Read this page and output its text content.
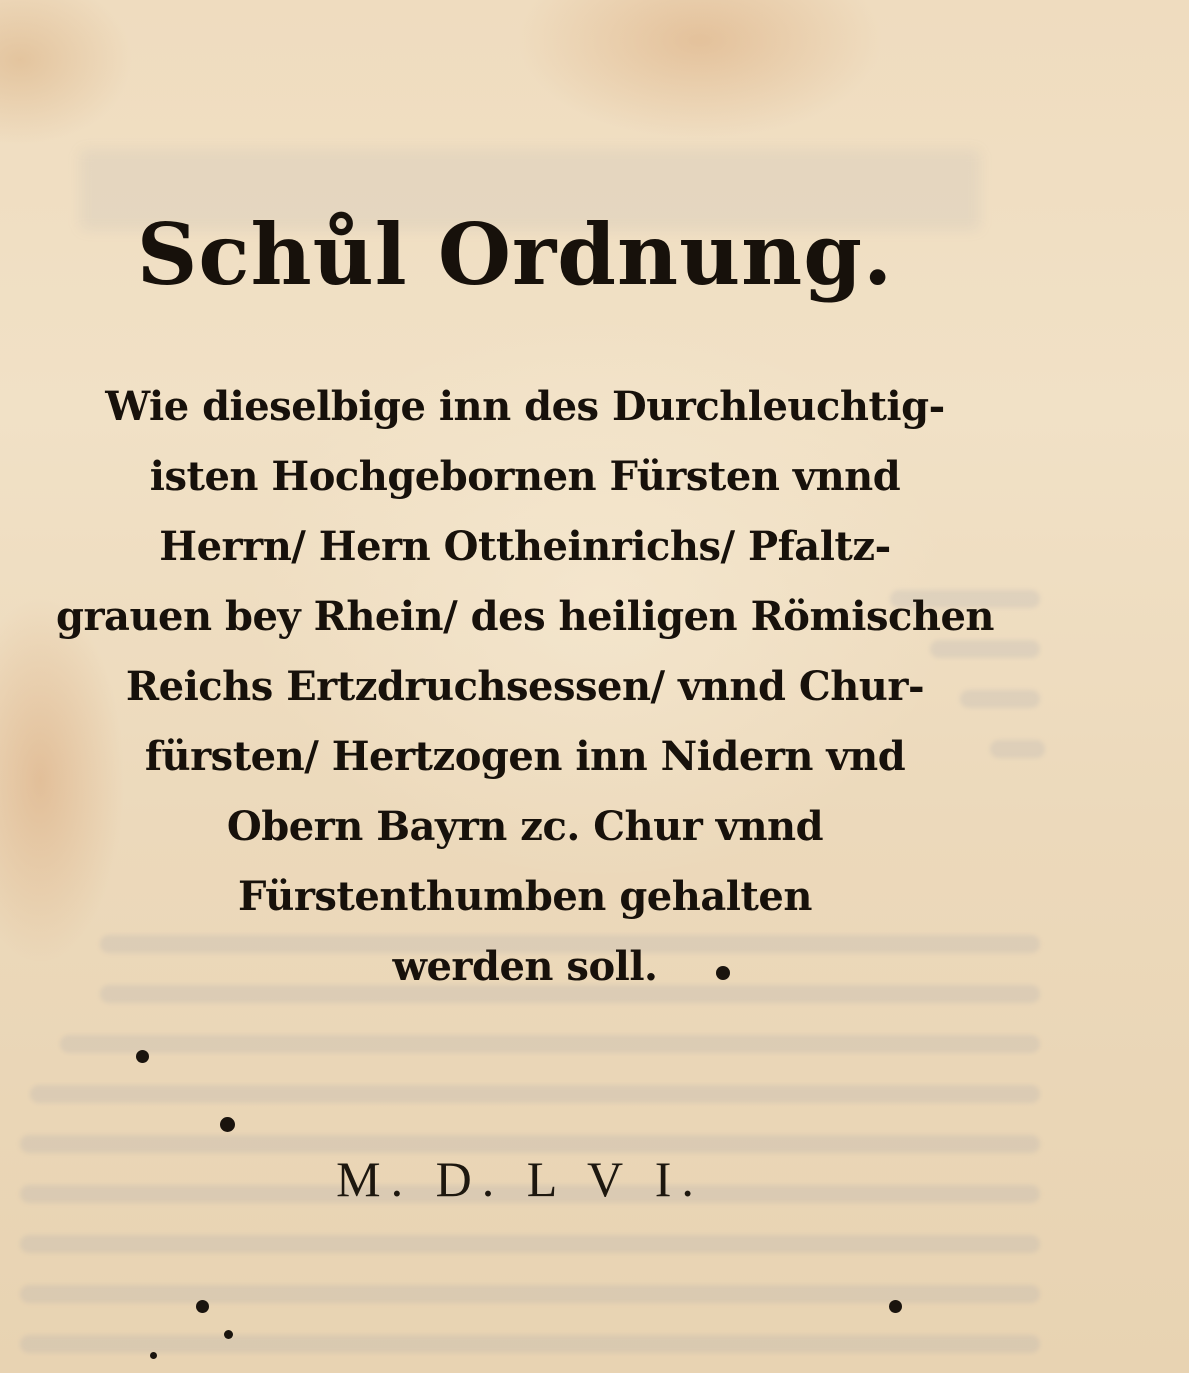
Schůl Ordnung.
Wie dieselbige inn des Durchleuchtig-
isten Hochgebornen Fürsten vnnd
Herrn/ Hern Ottheinrichs/ Pfaltz-
grauen bey Rhein/ des heiligen Römischen
Reichs Ertzdruchsessen/ vnnd Chur-
fürsten/ Hertzogen inn Nidern vnd
Obern Bayrn zc. Chur vnnd
Fürstenthumben gehalten
werden soll.

M. D. L V I.
